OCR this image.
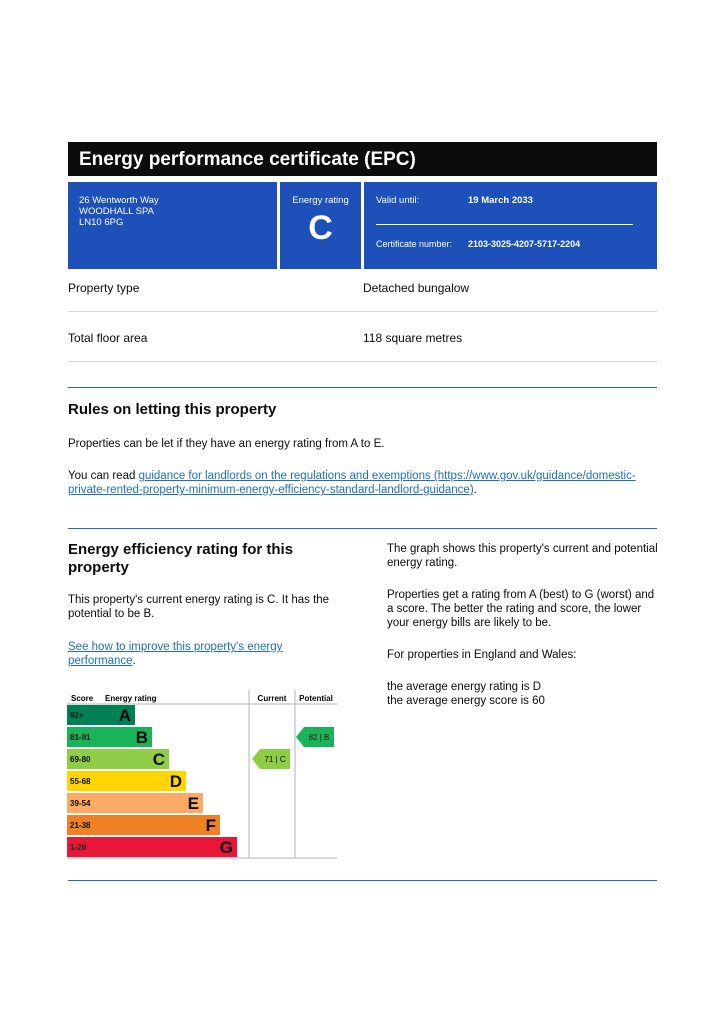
Energy performance certificate (EPC)
26 Wentworth Way
WOODHALL SPA
LN10 6PG
Energy rating
C
Valid until:	19 March 2033
Certificate number: 2103-3025-4207-5717-2204
Property type	Detached bungalow
Total floor area	118 square metres
Rules on letting this property
Properties can be let if they have an energy rating from A to E.
You can read guidance for landlords on the regulations and exemptions (https://www.gov.uk/guidance/domestic-private-rented-property-minimum-energy-efficiency-standard-landlord-guidance).
Energy efficiency rating for this property
This property's current energy rating is C. It has the potential to be B.
See how to improve this property's energy performance.
The graph shows this property's current and potential energy rating.
Properties get a rating from A (best) to G (worst) and a score. The better the rating and score, the lower your energy bills are likely to be.
For properties in England and Wales:
the average energy rating is D
the average energy score is 60
Score Energy rating	Current Potential
92+ A
81-91	B
69-80	C
55-68	D
39-54	E
21-38	F
1-20	G
71 | C
82 | B
